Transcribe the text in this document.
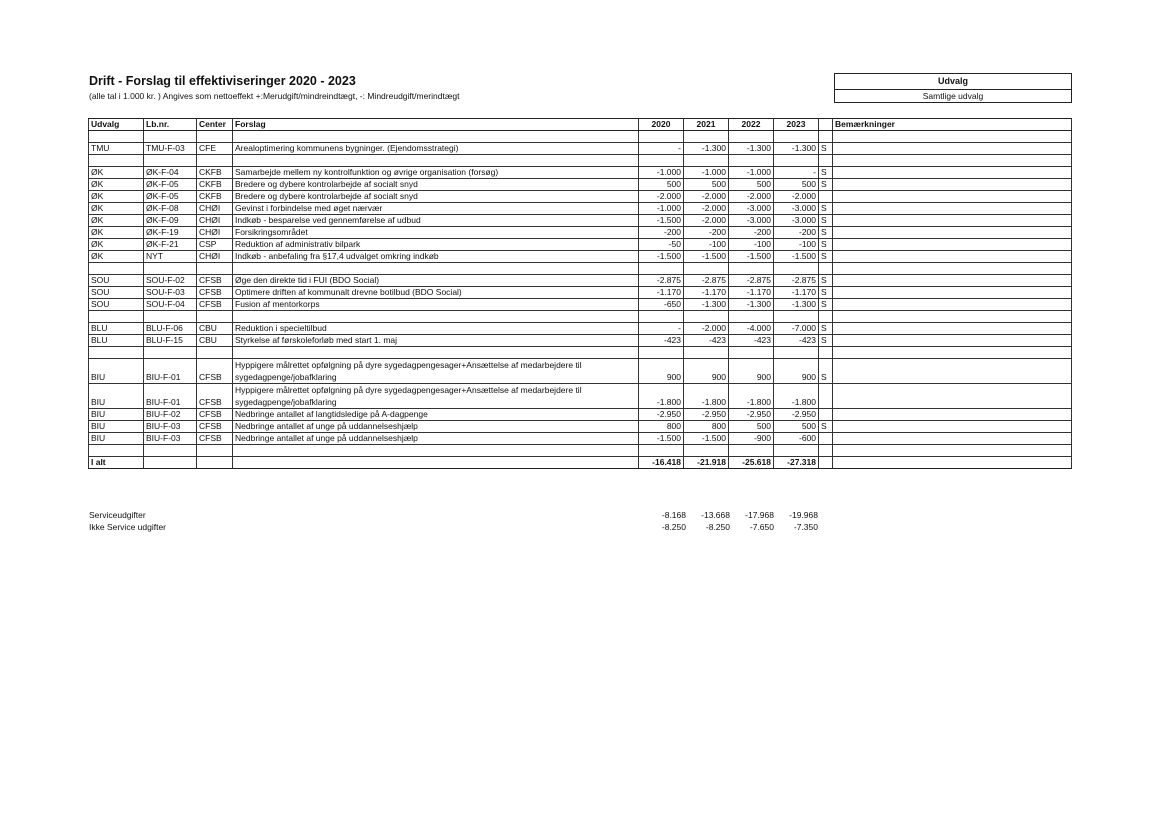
Drift - Forslag til effektiviseringer 2020 - 2023
(alle tal i 1.000 kr. ) Angives som nettoeffekt +:Merudgift/mindreindtægt, -: Mindreudgift/merindtægt
Udvalg
Samtlige udvalg
Udvalg	Lb.nr.	Center	Forslag	2020	2021	2022	2023		Bemærkninger

TMU	TMU-F-03	CFE	Arealoptimering kommunens bygninger. (Ejendomsstrategi)	-	-1.300	-1.300	-1.300	S	

ØK	ØK-F-04	CKFB	Samarbejde mellem ny kontrolfunktion og øvrige organisation (forsøg)	-1.000	-1.000	-1.000	-	S	
ØK	ØK-F-05	CKFB	Bredere og dybere kontrolarbejde af socialt snyd	500	500	500	500	S	
ØK	ØK-F-05	CKFB	Bredere og dybere kontrolarbejde af socialt snyd	-2.000	-2.000	-2.000	-2.000		
ØK	ØK-F-08	CHØI	Gevinst i forbindelse med øget nærvær	-1.000	-2.000	-3.000	-3.000	S	
ØK	ØK-F-09	CHØI	Indkøb - besparelse ved gennemførelse af udbud	-1.500	-2.000	-3.000	-3.000	S	
ØK	ØK-F-19	CHØI	Forsikringsområdet	-200	-200	-200	-200	S	
ØK	ØK-F-21	CSP	Reduktion af administrativ bilpark	-50	-100	-100	-100	S	
ØK	NYT	CHØI	Indkøb - anbefaling fra §17,4 udvalget omkring indkøb	-1.500	-1.500	-1.500	-1.500	S	

SOU	SOU-F-02	CFSB	Øge den direkte tid i FUI (BDO Social)	-2.875	-2.875	-2.875	-2.875	S	
SOU	SOU-F-03	CFSB	Optimere driften af kommunalt drevne botilbud (BDO Social)	-1.170	-1.170	-1.170	-1.170	S	
SOU	SOU-F-04	CFSB	Fusion af mentorkorps	-650	-1.300	-1.300	-1.300	S	

BLU	BLU-F-06	CBU	Reduktion i specieltilbud	-	-2.000	-4.000	-7.000	S	
BLU	BLU-F-15	CBU	Styrkelse af førskoleforløb med start 1. maj	-423	-423	-423	-423	S	

BIU	BIU-F-01	CFSB	Hyppigere målrettet opfølgning på dyre sygedagpengesager+Ansættelse af medarbejdere til sygedagpenge/jobafklaring	900	900	900	900	S	
BIU	BIU-F-01	CFSB	Hyppigere målrettet opfølgning på dyre sygedagpengesager+Ansættelse af medarbejdere til sygedagpenge/jobafklaring	-1.800	-1.800	-1.800	-1.800		
BIU	BIU-F-02	CFSB	Nedbringe antallet af langtidsledige på A-dagpenge	-2.950	-2.950	-2.950	-2.950		
BIU	BIU-F-03	CFSB	Nedbringe antallet af unge på uddannelseshjælp	800	800	500	500	S	
BIU	BIU-F-03	CFSB	Nedbringe antallet af unge på uddannelseshjælp	-1.500	-1.500	-900	-600		

I alt				-16.418	-21.918	-25.618	-27.318		
Serviceudgifter	-8.168	-13.668	-17.968	-19.968
Ikke Service udgifter	-8.250	-8.250	-7.650	-7.350
